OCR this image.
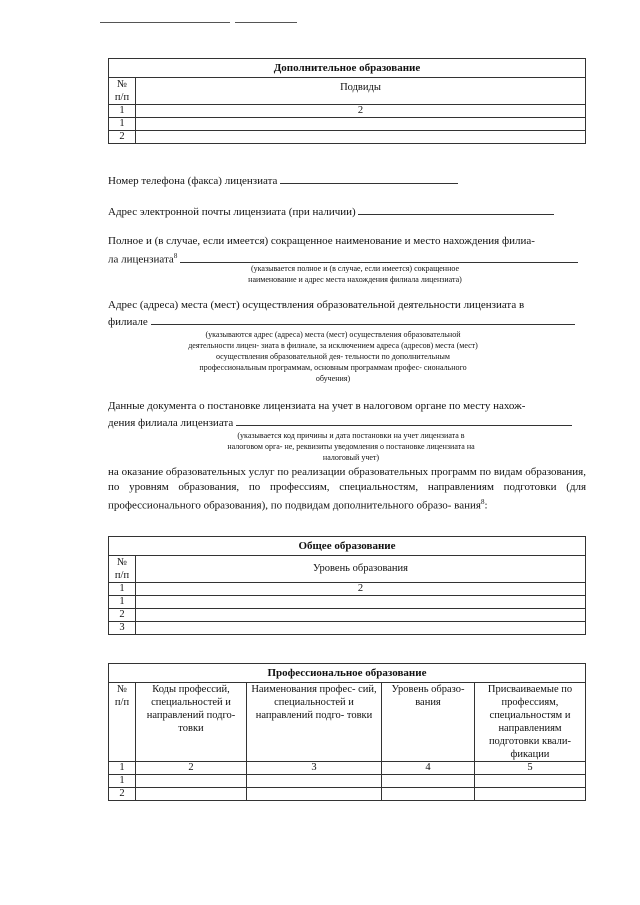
Дополнительное образование	
№ п/п	Подвиды
1	2
1	
2	
Номер телефона (факса) лицензиата
Адрес электронной почты лицензиата (при наличии)
Полное и (в случае, если имеется) сокращенное наименование и место нахождения филиа-
ла лицензиата$^8$
(указывается полное и (в случае, если имеется) сокращенное наименование и адрес места нахождения филиала лицензиата)
Адрес (адреса) места (мест) осуществления образовательной деятельности лицензиата в
филиале
(указываются адрес (адреса) места (мест) осуществления образовательной деятельности лицен- зиата в филиале, за исключением адреса (адресов) места (мест) осуществления образовательной дея- тельности по дополнительным профессиональным программам, основным программам профес- сионального обучения)
Данные документа о постановке лицензиата на учет в налоговом органе по месту нахож-
дения филиала лицензиата
(указывается код причины и дата постановки на учет лицензиата в налоговом орга- не, реквизиты уведомления о постановке лицензиата на налоговый учет)
на оказание образовательных услуг по реализации образовательных программ по видам образования, по уровням образования, по профессиям, специальностям, направлениям подготовки (для профессионального образования), по подвидам дополнительного образо- вания$^8$:
Общее образование	
№ п/п	Уровень образования
1	2
1	
2	
3	
Профессиональное образование				
№ п/п	Коды профессий, специальностей и направлений подго- товки	Наименования профес- сий, специальностей и направлений подго- товки	Уровень образо- вания	Присваиваемые по профессиям, специальностям и направлениям подготовки квали- фикации
1	2	3	4	5
1				
2				
